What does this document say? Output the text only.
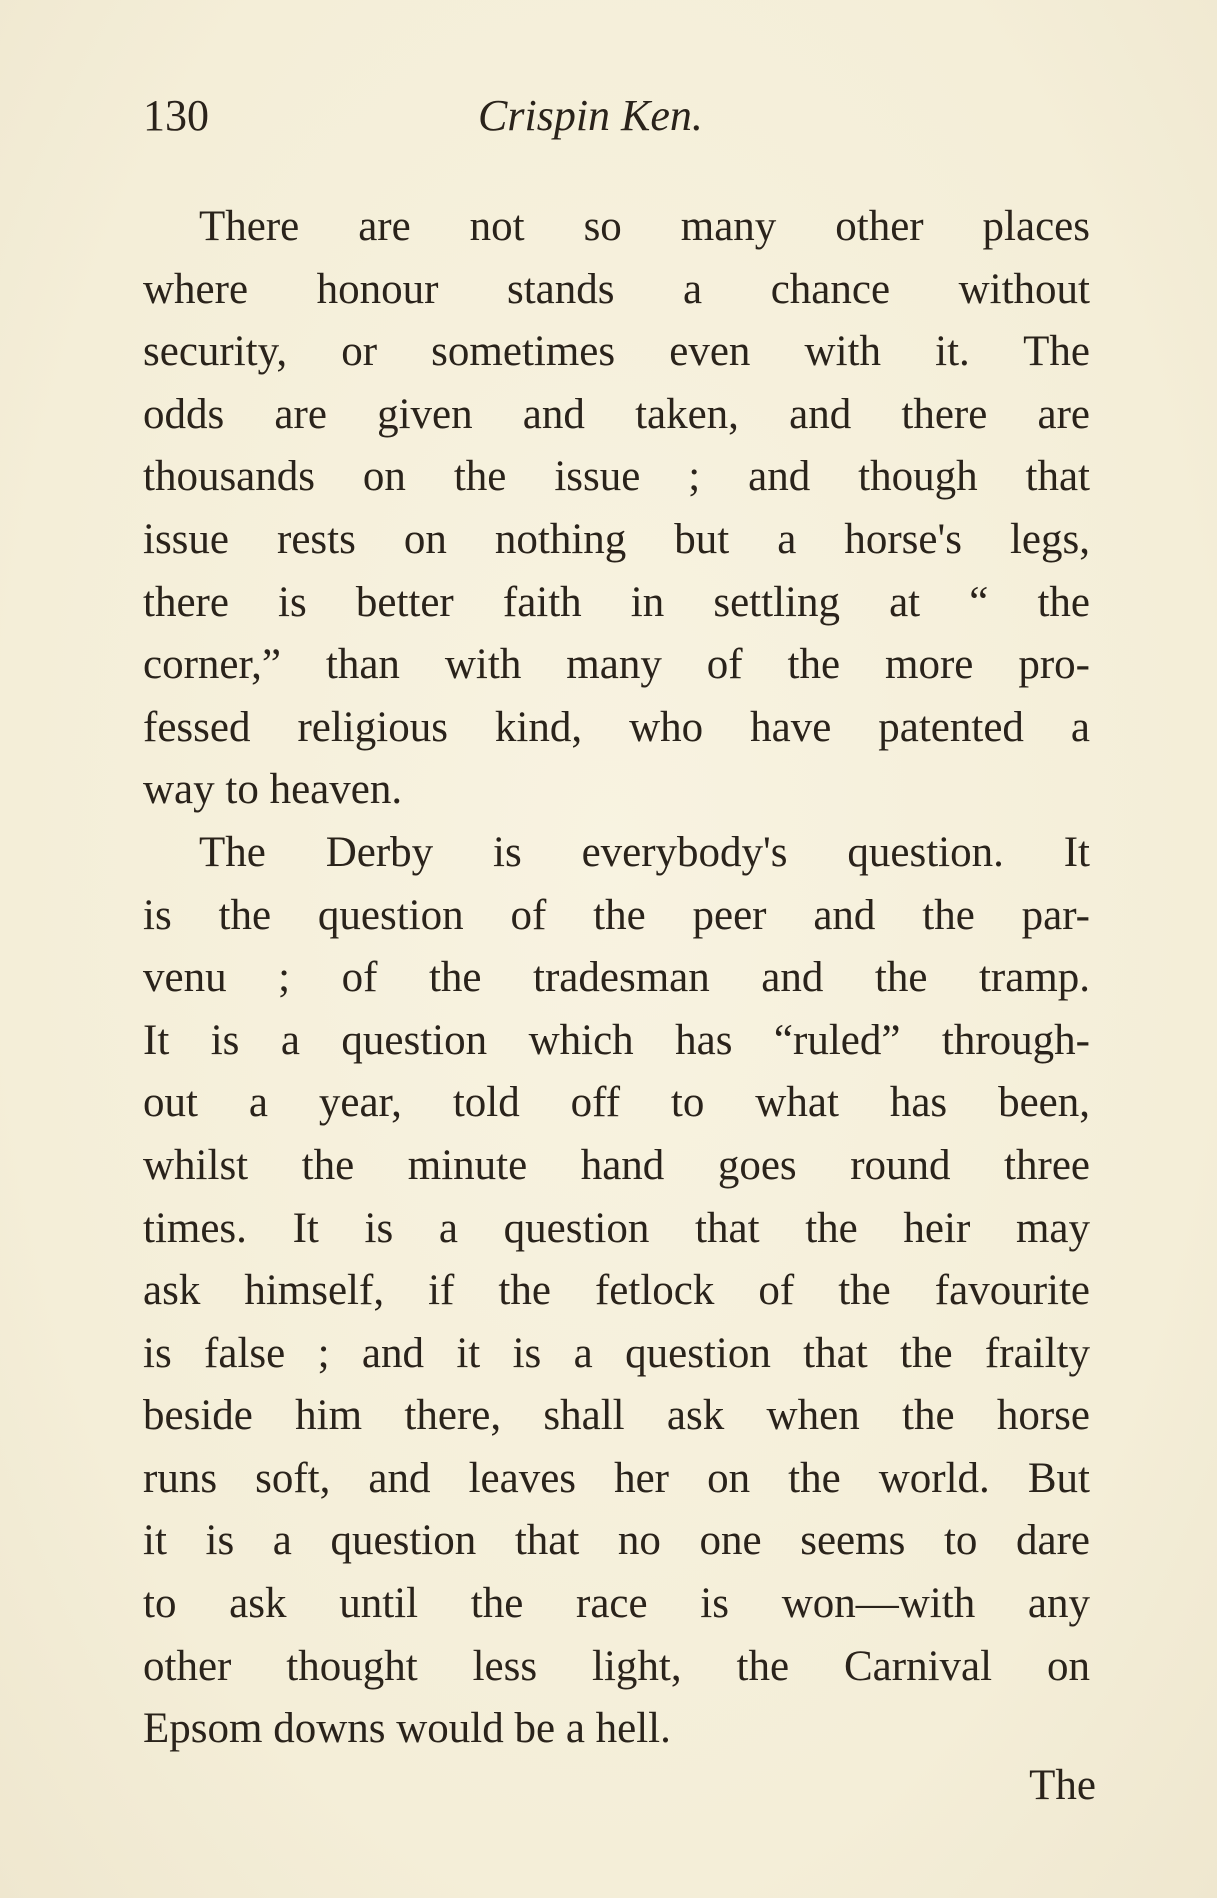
130	Crispin Ken.
There are not so many other places
where honour stands a chance without
security, or sometimes even with it. The
odds are given and taken, and there are
thousands on the issue ; and though that
issue rests on nothing but a horse's legs,
there is better faith in settling at “ the
corner,” than with many of the more pro-
fessed religious kind, who have patented a
way to heaven.
The Derby is everybody's question. It
is the question of the peer and the par-
venu ; of the tradesman and the tramp.
It is a question which has “ruled” through-
out a year, told off to what has been,
whilst the minute hand goes round three
times. It is a question that the heir may
ask himself, if the fetlock of the favourite
is false ; and it is a question that the frailty
beside him there, shall ask when the horse
runs soft, and leaves her on the world. But
it is a question that no one seems to dare
to ask until the race is won—with any
other thought less light, the Carnival on
Epsom downs would be a hell.
The
